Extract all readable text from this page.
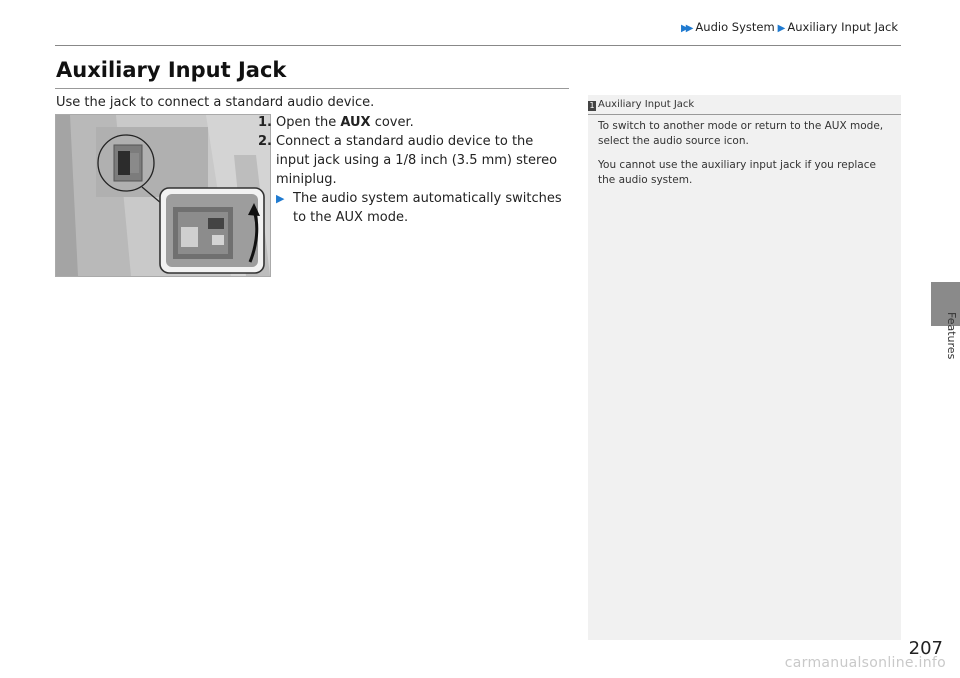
▶▶ Audio System ▶ Auxiliary Input Jack
Auxiliary Input Jack
Use the jack to connect a standard audio device.
1. Open the AUX cover.
2. Connect a standard audio device to the input jack using a 1/8 inch (3.5 mm) stereo miniplug.
▶ The audio system automatically switches to the AUX mode.
1 Auxiliary Input Jack

To switch to another mode or return to the AUX mode, select the audio source icon.

You cannot use the auxiliary input jack if you replace the audio system.

Features
207
carmanualsonline.info
